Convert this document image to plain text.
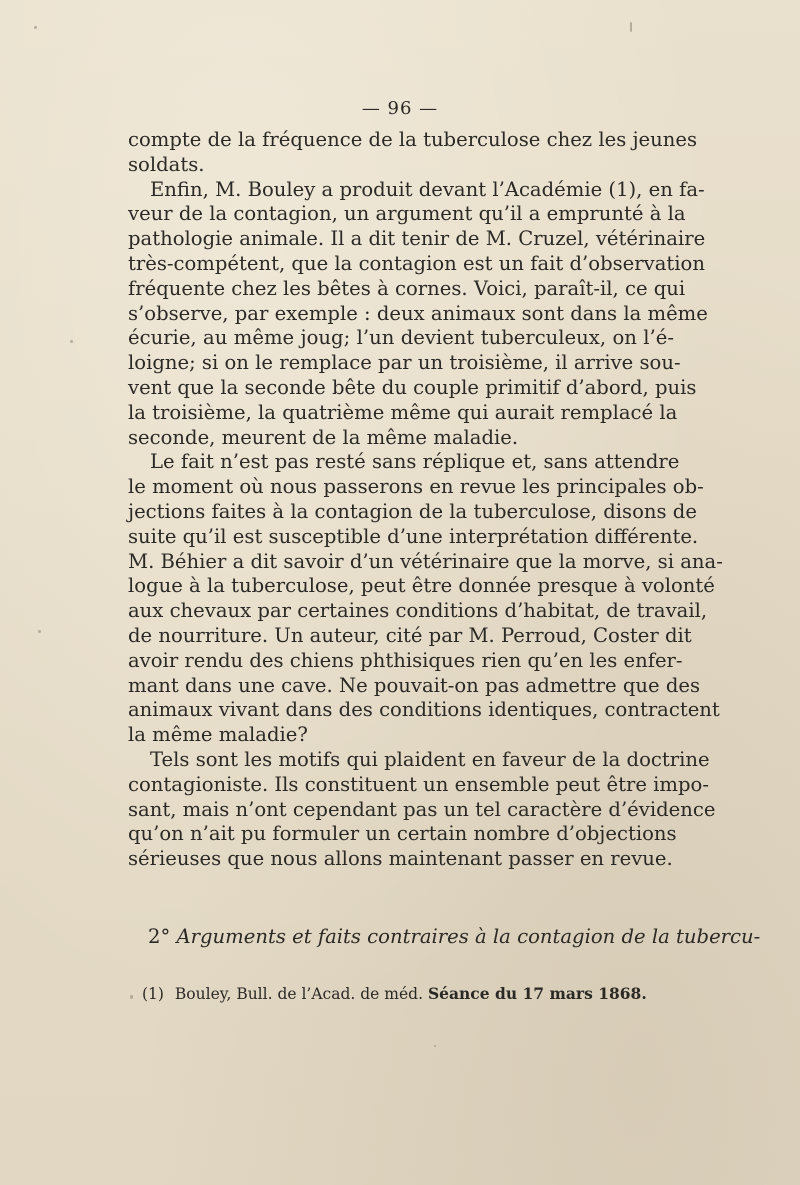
— 96 —
compte de la fréquence de la tuberculose chez les jeunes
soldats.
Enfin, M. Bouley a produit devant l’Académie (1), en fa-
veur de la contagion, un argument qu’il a emprunté à la
pathologie animale. Il a dit tenir de M. Cruzel, vétérinaire
très-compétent, que la contagion est un fait d’observation
fréquente chez les bêtes à cornes. Voici, paraît-il, ce qui
s’observe, par exemple : deux animaux sont dans la même
écurie, au même joug; l’un devient tuberculeux, on l’é-
loigne; si on le remplace par un troisième, il arrive sou-
vent que la seconde bête du couple primitif d’abord, puis
la troisième, la quatrième même qui aurait remplacé la
seconde, meurent de la même maladie.
Le fait n’est pas resté sans réplique et, sans attendre
le moment où nous passerons en revue les principales ob-
jections faites à la contagion de la tuberculose, disons de
suite qu’il est susceptible d’une interprétation différente.
M. Béhier a dit savoir d’un vétérinaire que la morve, si ana-
logue à la tuberculose, peut être donnée presque à volonté
aux chevaux par certaines conditions d’habitat, de travail,
de nourriture. Un auteur, cité par M. Perroud, Coster dit
avoir rendu des chiens phthisiques rien qu’en les enfer-
mant dans une cave. Ne pouvait-on pas admettre que des
animaux vivant dans des conditions identiques, contractent
la même maladie?
Tels sont les motifs qui plaident en faveur de la doctrine
contagioniste. Ils constituent un ensemble peut être impo-
sant, mais n’ont cependant pas un tel caractère d’évidence
qu’on n’ait pu formuler un certain nombre d’objections
sérieuses que nous allons maintenant passer en revue.
2° Arguments et faits contraires à la contagion de la tubercu-
(1) Bouley, Bull. de l’Acad. de méd. Séance du 17 mars 1868.
